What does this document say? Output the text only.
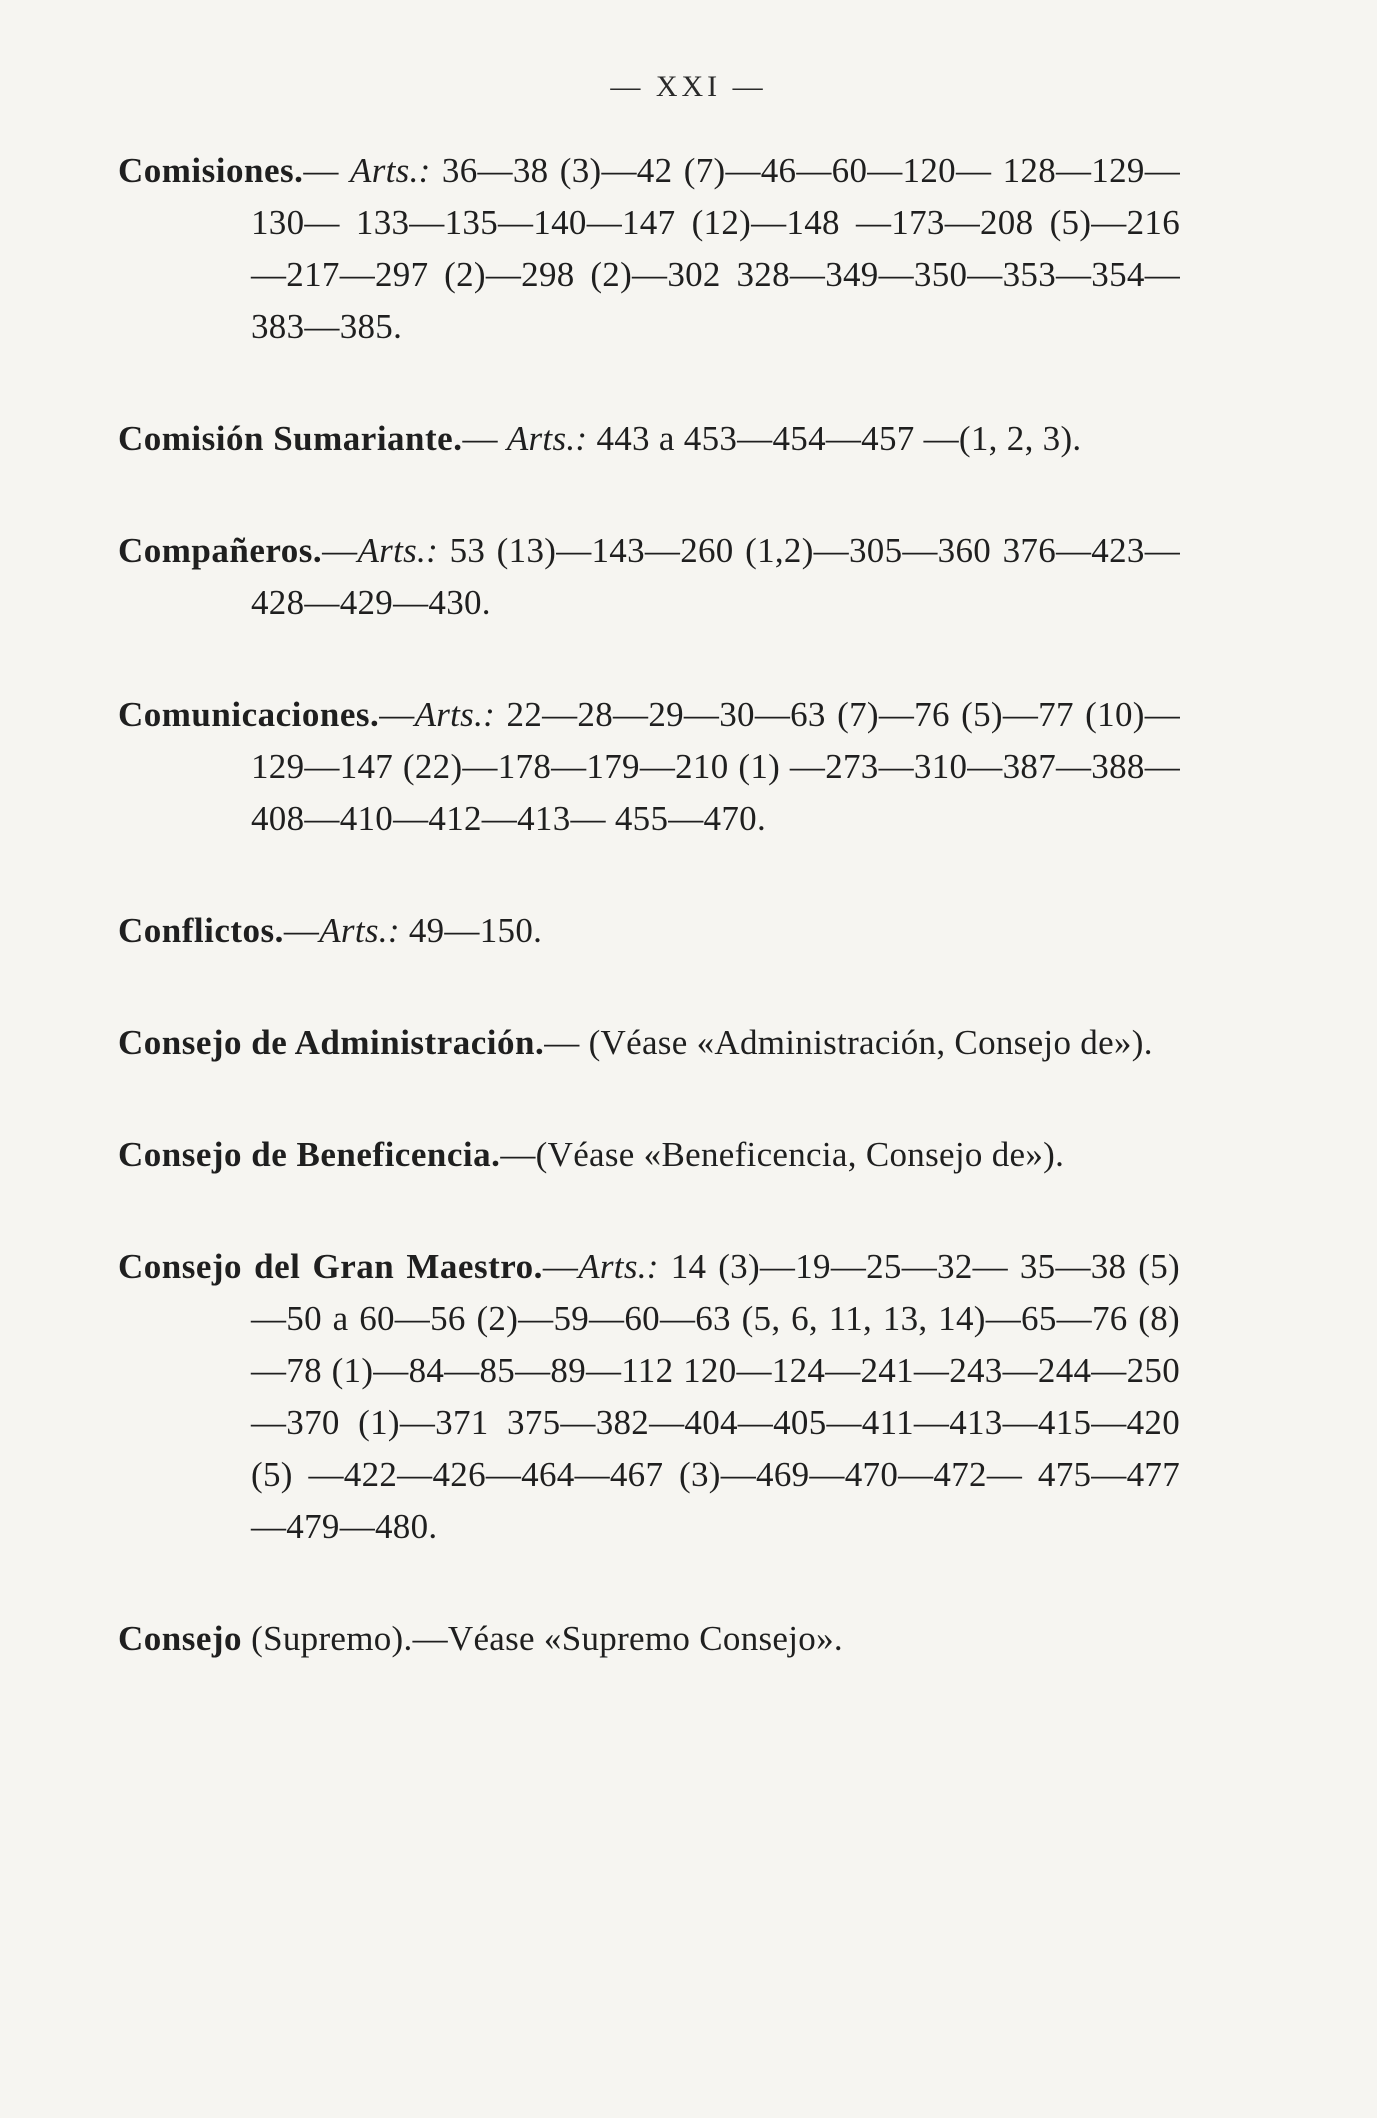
— XXI —

Comisiones.— Arts.: 36—38 (3)—42 (7)—46—60—120— 128—129—130— 133—135—140—147 (12)—148 —173—208 (5)—216—217—297 (2)—298 (2)—302 328—349—350—353—354—383—385.

Comisión Sumariante.— Arts.: 443 a 453—454—457 —(1, 2, 3).

Compañeros.—Arts.: 53 (13)—143—260 (1,2)—305—360 376—423—428—429—430.

Comunicaciones.—Arts.: 22—28—29—30—63 (7)—76 (5)—77 (10)—129—147 (22)—178—179—210 (1) —273—310—387—388—408—410—412—413— 455—470.

Conflictos.—Arts.: 49—150.

Consejo de Administración.— (Véase «Administración, Consejo de»).

Consejo de Beneficencia.—(Véase «Beneficencia, Consejo de»).

Consejo del Gran Maestro.—Arts.: 14 (3)—19—25—32— 35—38 (5)—50 a 60—56 (2)—59—60—63 (5, 6, 11, 13, 14)—65—76 (8)—78 (1)—84—85—89—112 120—124—241—243—244—250—370 (1)—371 375—382—404—405—411—413—415—420 (5) —422—426—464—467 (3)—469—470—472— 475—477—479—480.

Consejo (Supremo).—Véase «Supremo Consejo».
